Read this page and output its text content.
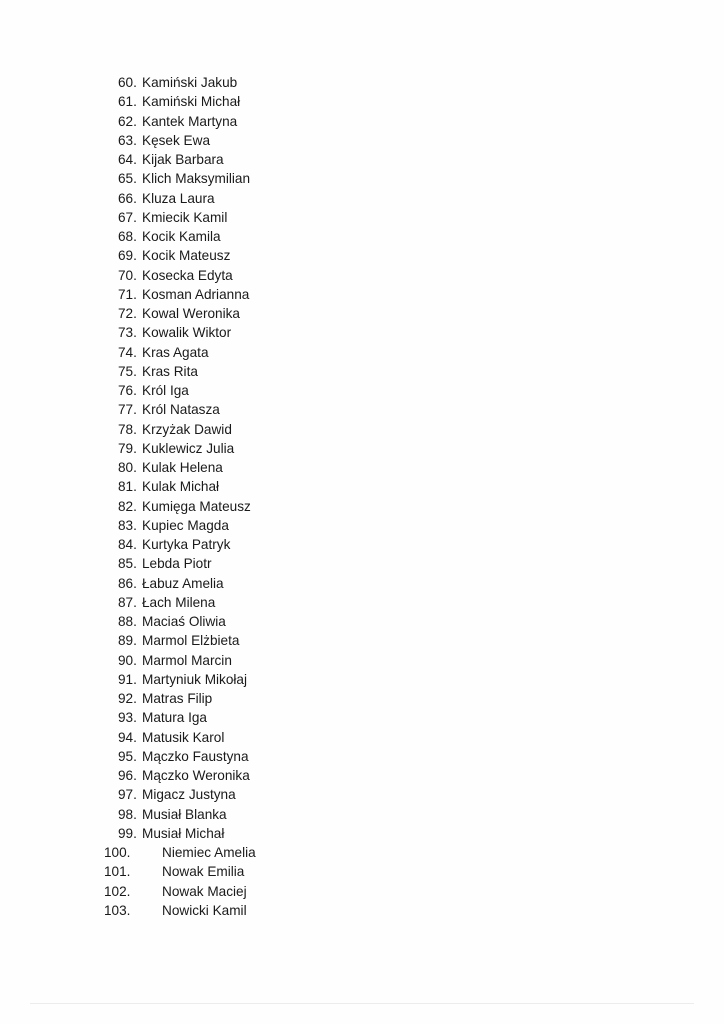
60. Kamiński Jakub
61. Kamiński Michał
62. Kantek Martyna
63. Kęsek Ewa
64. Kijak Barbara
65. Klich Maksymilian
66. Kluza Laura
67. Kmiecik Kamil
68. Kocik Kamila
69. Kocik Mateusz
70. Kosecka Edyta
71. Kosman Adrianna
72. Kowal Weronika
73. Kowalik Wiktor
74. Kras Agata
75. Kras Rita
76. Król Iga
77. Król Natasza
78. Krzyżak Dawid
79. Kuklewicz Julia
80. Kulak Helena
81. Kulak Michał
82. Kumięga Mateusz
83. Kupiec Magda
84. Kurtyka Patryk
85. Lebda Piotr
86. Łabuz Amelia
87. Łach Milena
88. Maciaś Oliwia
89. Marmol Elżbieta
90. Marmol Marcin
91. Martyniuk Mikołaj
92. Matras Filip
93. Matura Iga
94. Matusik Karol
95. Mączko Faustyna
96. Mączko Weronika
97. Migacz Justyna
98. Musiał Blanka
99. Musiał Michał
100.	Niemiec Amelia
101.	Nowak Emilia
102.	Nowak Maciej
103.	Nowicki Kamil
